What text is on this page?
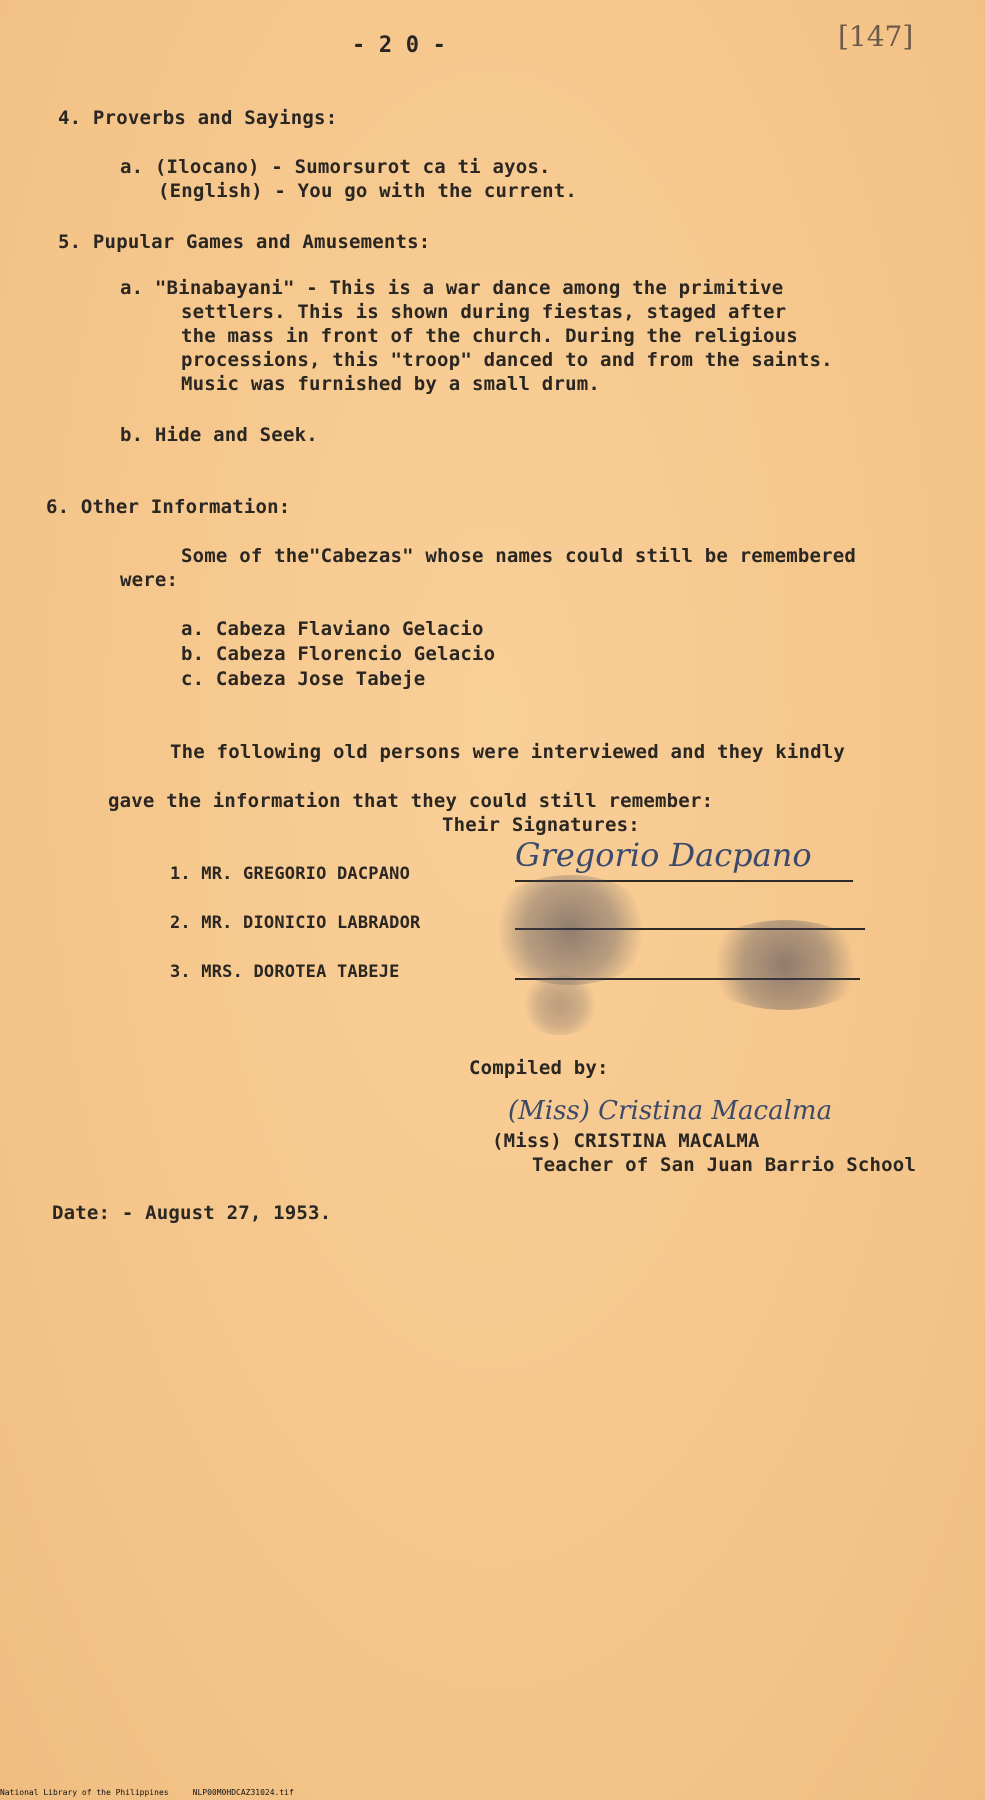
- 2 0 -	[147]
4. Proverbs and Sayings:
a. (Ilocano) - Sumorsurot ca ti ayos.
(English) - You go with the current.
5. Pupular Games and Amusements:
a. "Binabayani" - This is a war dance among the primitive
settlers. This is shown during fiestas, staged after
the mass in front of the church. During the religious
processions, this "troop" danced to and from the saints.
Music was furnished by a small drum.
b. Hide and Seek.
6. Other Information:
Some of the"Cabezas" whose names could still be remembered
were:
a. Cabeza Flaviano Gelacio
b. Cabeza Florencio Gelacio
c. Cabeza Jose Tabeje
The following old persons were interviewed and they kindly
gave the information that they could still remember:
Their Signatures:
1. MR. GREGORIO DACPANO
2. MR. DIONICIO LABRADOR
3. MRS. DOROTEA TABEJE
Gregorio Dacpano
Compiled by:
(Miss) Cristina Macalma
(Miss) CRISTINA MACALMA
Teacher of San Juan Barrio School
Date: - August 27, 1953.
National Library of the Philippines     NLP00M0HDCAZ31024.tif
